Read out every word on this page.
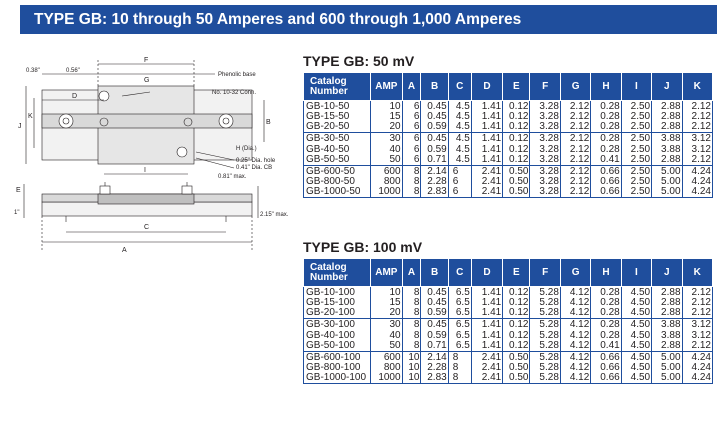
TYPE GB: 10 through 50 Amperes and 600 through 1,000 Amperes
0.38"	0.56"
F
G
Phenolic base
D	No. 10-32 Conn.
K
J
B
H (Dia.)
0.25" Dia. hole
0.41" Dia. CB
0.81" max.
I
E
1"	2.15" max.
C
A
TYPE GB: 50 mV
Catalog Number	AMP	A	B	C	D	E	F	G	H	I	J	K
GB-10-50	10	6	0.45	4.5	1.41	0.12	3.28	2.12	0.28	2.50	2.88	2.12
GB-15-50	15	6	0.45	4.5	1.41	0.12	3.28	2.12	0.28	2.50	2.88	2.12
GB-20-50	20	6	0.59	4.5	1.41	0.12	3.28	2.12	0.28	2.50	2.88	2.12
GB-30-50	30	6	0.45	4.5	1.41	0.12	3.28	2.12	0.28	2.50	3.88	3.12
GB-40-50	40	6	0.59	4.5	1.41	0.12	3.28	2.12	0.28	2.50	3.88	3.12
GB-50-50	50	6	0.71	4.5	1.41	0.12	3.28	2.12	0.41	2.50	2.88	2.12
GB-600-50	600	8	2.14	6	2.41	0.50	3.28	2.12	0.66	2.50	5.00	4.24
GB-800-50	800	8	2.28	6	2.41	0.50	3.28	2.12	0.66	2.50	5.00	4.24
GB-1000-50	1000	8	2.83	6	2.41	0.50	3.28	2.12	0.66	2.50	5.00	4.24
TYPE GB: 100 mV
Catalog Number	AMP	A	B	C	D	E	F	G	H	I	J	K
GB-10-100	10	8	0.45	6.5	1.41	0.12	5.28	4.12	0.28	4.50	2.88	2.12
GB-15-100	15	8	0.45	6.5	1.41	0.12	5.28	4.12	0.28	4.50	2.88	2.12
GB-20-100	20	8	0.59	6.5	1.41	0.12	5.28	4.12	0.28	4.50	2.88	2.12
GB-30-100	30	8	0.45	6.5	1.41	0.12	5.28	4.12	0.28	4.50	3.88	3.12
GB-40-100	40	8	0.59	6.5	1.41	0.12	5.28	4.12	0.28	4.50	3.88	3.12
GB-50-100	50	8	0.71	6.5	1.41	0.12	5.28	4.12	0.41	4.50	2.88	2.12
GB-600-100	600	10	2.14	8	2.41	0.50	5.28	4.12	0.66	4.50	5.00	4.24
GB-800-100	800	10	2.28	8	2.41	0.50	5.28	4.12	0.66	4.50	5.00	4.24
GB-1000-100	1000	10	2.83	8	2.41	0.50	5.28	4.12	0.66	4.50	5.00	4.24
